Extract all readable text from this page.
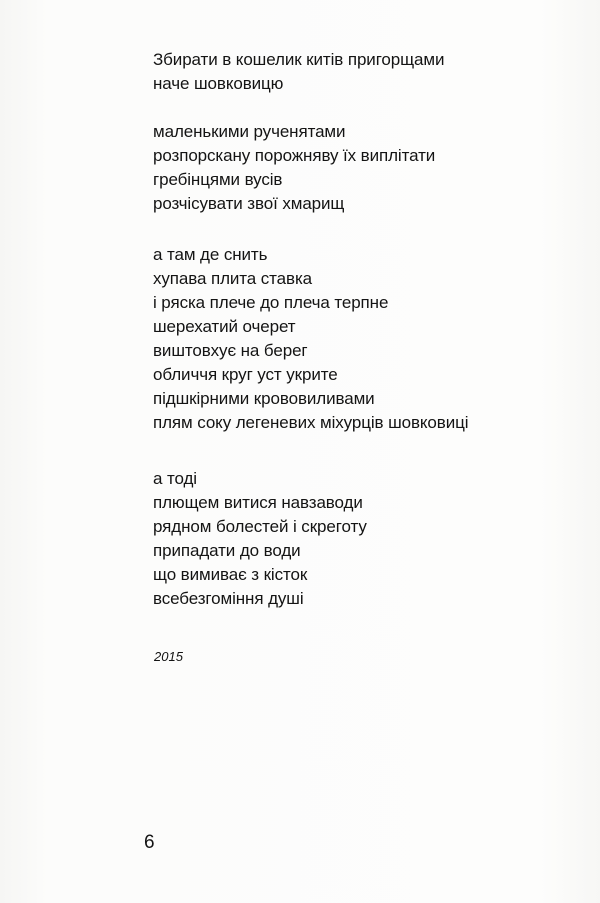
Збирати в кошелик китів пригорщами
наче шовковицю
маленькими рученятами
розпорскану порожняву їх виплітати
гребінцями вусів
розчісувати звої хмарищ
а там де снить
хупава плита ставка
і ряска плече до плеча терпне
шерехатий очерет
виштовхує на берег
обличчя круг уст укрите
підшкірними крововиливами
плям соку легеневих міхурців шовковиці
а тоді
плющем витися навзаводи
рядном болестей і скреготу
припадати до води
що вимиває з кісток
всебезгоміння душі
2015
6
